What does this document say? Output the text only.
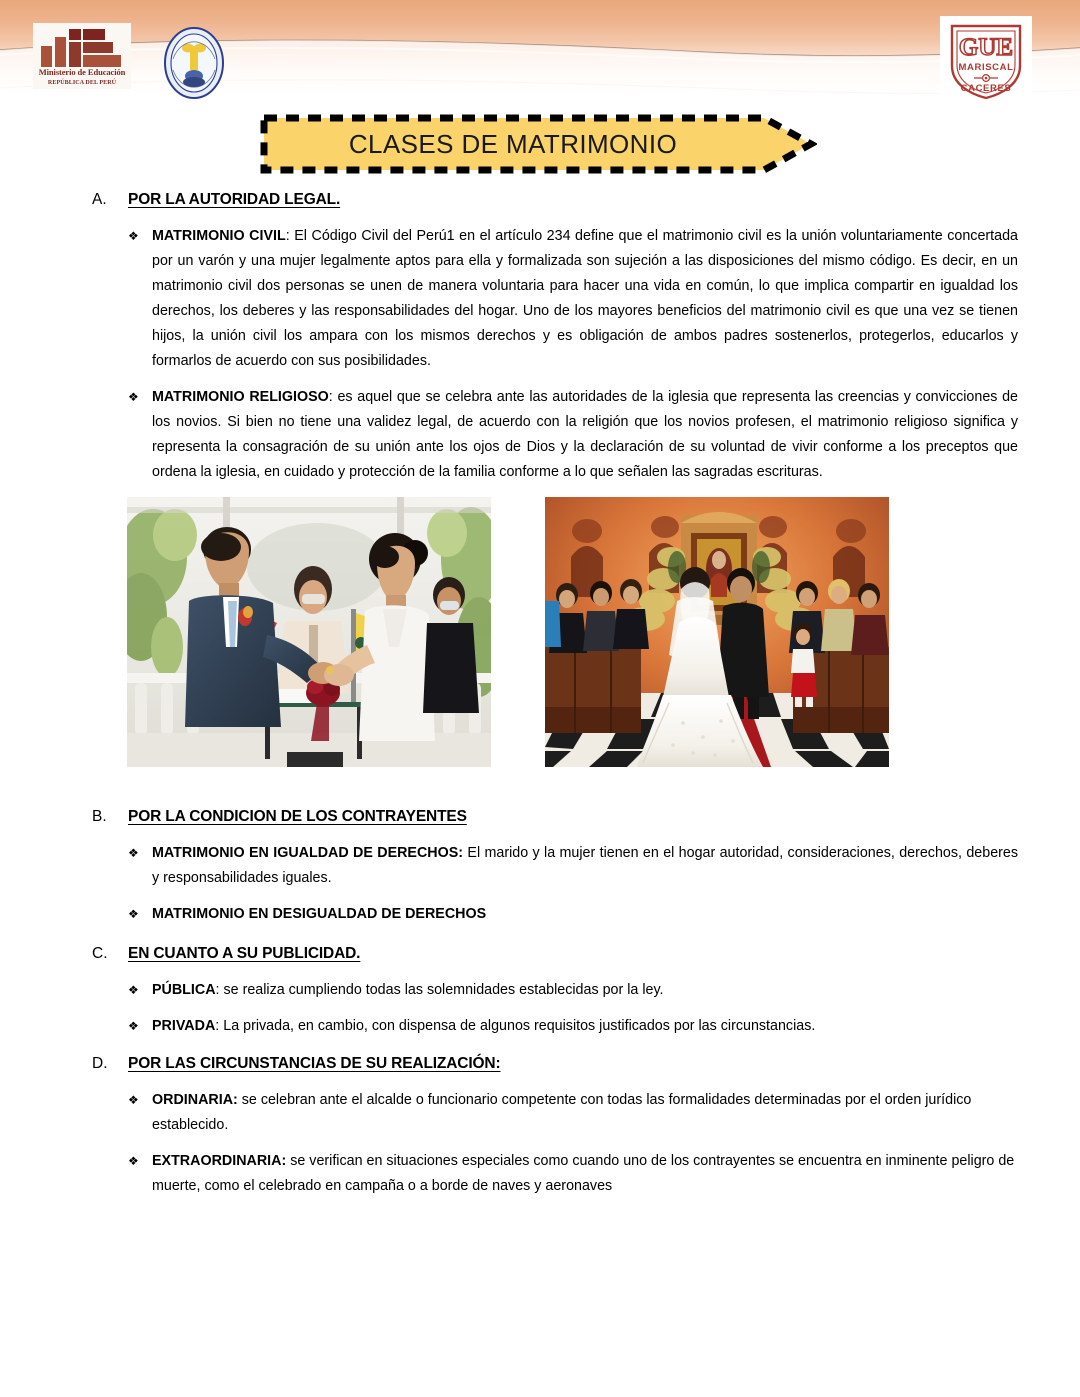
Ministerio de Educación
REPÚBLICA DEL PERÚ
GUE
MARISCAL
CACERES
CLASES DE MATRIMONIO
A. POR LA AUTORIDAD LEGAL.
❖ MATRIMONIO CIVIL: El Código Civil del Perú1 en el artículo 234 define que el matrimonio civil es la unión voluntariamente concertada por un varón y una mujer legalmente aptos para ella y formalizada son sujeción a las disposiciones del mismo código. Es decir, en un matrimonio civil dos personas se unen de manera voluntaria para hacer una vida en común, lo que implica compartir en igualdad los derechos, los deberes y las responsabilidades del hogar. Uno de los mayores beneficios del matrimonio civil es que una vez se tienen hijos, la unión civil los ampara con los mismos derechos y es obligación de ambos padres sostenerlos, protegerlos, educarlos y formarlos de acuerdo con sus posibilidades.
❖ MATRIMONIO RELIGIOSO: es aquel que se celebra ante las autoridades de la iglesia que representa las creencias y convicciones de los novios. Si bien no tiene una validez legal, de acuerdo con la religión que los novios profesen, el matrimonio religioso significa y representa la consagración de su unión ante los ojos de Dios y la declaración de su voluntad de vivir conforme a los preceptos que ordena la iglesia, en cuidado y protección de la familia conforme a lo que señalen las sagradas escrituras.
B. POR LA CONDICION DE LOS CONTRAYENTES
❖ MATRIMONIO EN IGUALDAD DE DERECHOS: El marido y la mujer tienen en el hogar autoridad, consideraciones, derechos, deberes y responsabilidades iguales.
❖ MATRIMONIO EN DESIGUALDAD DE DERECHOS
C. EN CUANTO A SU PUBLICIDAD.
❖ PÚBLICA: se realiza cumpliendo todas las solemnidades establecidas por la ley.
❖ PRIVADA: La privada, en cambio, con dispensa de algunos requisitos justificados por las circunstancias.
D. POR LAS CIRCUNSTANCIAS DE SU REALIZACIÓN:
❖ ORDINARIA: se celebran ante el alcalde o funcionario competente con todas las formalidades determinadas por el orden jurídico establecido.
❖ EXTRAORDINARIA: se verifican en situaciones especiales como cuando uno de los contrayentes se encuentra en inminente peligro de muerte, como el celebrado en campaña o a borde de naves y aeronaves
